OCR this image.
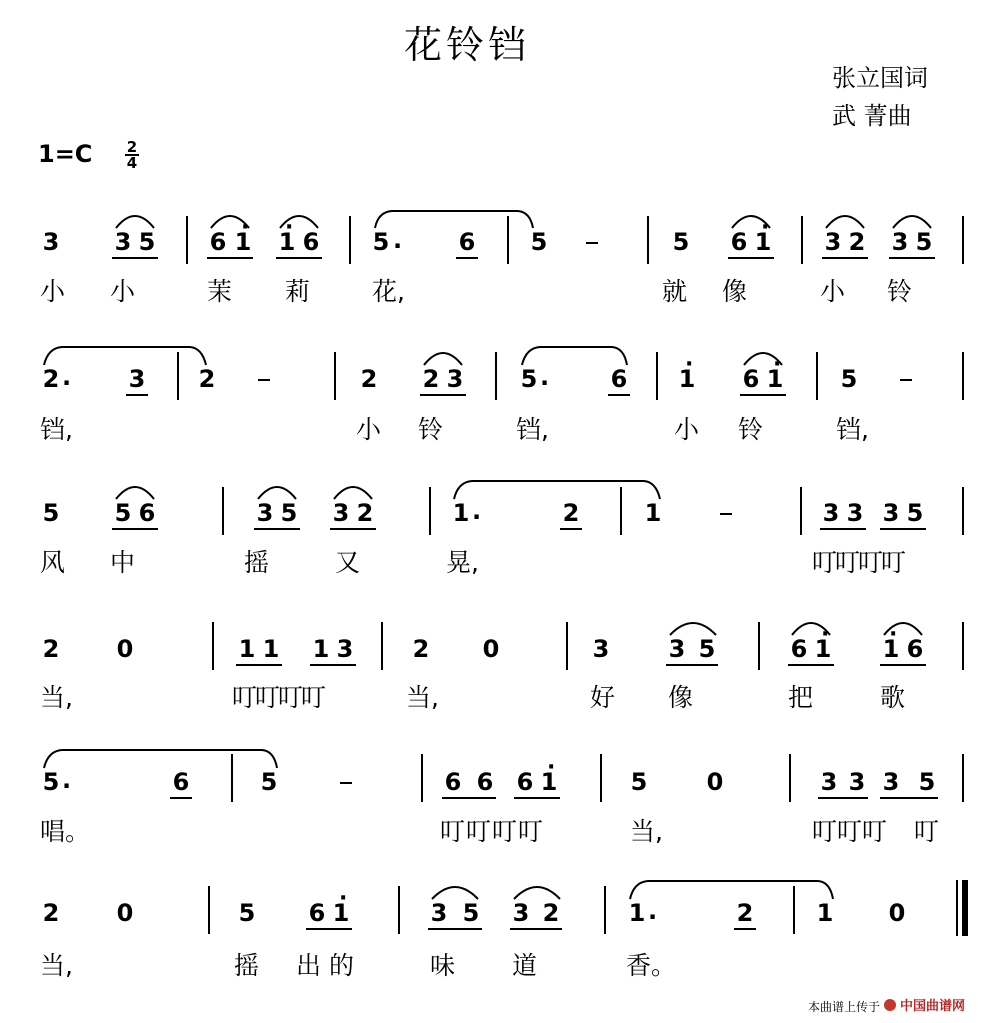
花铃铛
张立国词
武 菁曲
1=C 2
4
3 3 5 6 · 1 · 1 6 5 . 6 5	5 6 · 1 3 2 3 5
小 小	茉 莉 花,	就 像	小 铃
2 . 3 2	2 2 3 5 .	6 · 1 6 · 1 5
铛,	小 铃	铛,	小 铃	铛,
5 5 6	3 5 3 2	1 .	2	1	3 3 3 5
风 中	摇	又	晃,	叮叮叮叮
2 0	1 1 1 3 2 0	3 3 5	6 · 1 · 1 6
当,	叮叮叮叮	当,	好 像	把	歌
5 .	6	5	6 6 6 · 1	5 0	3 3 3 5
唱。	叮叮叮叮	当,	叮叮叮 叮
2 0	5 6 · 1	3 5 3 2	1 .	2	1 0
当,	摇 出的	味 道	香。
本曲谱上传于 中国曲谱网
